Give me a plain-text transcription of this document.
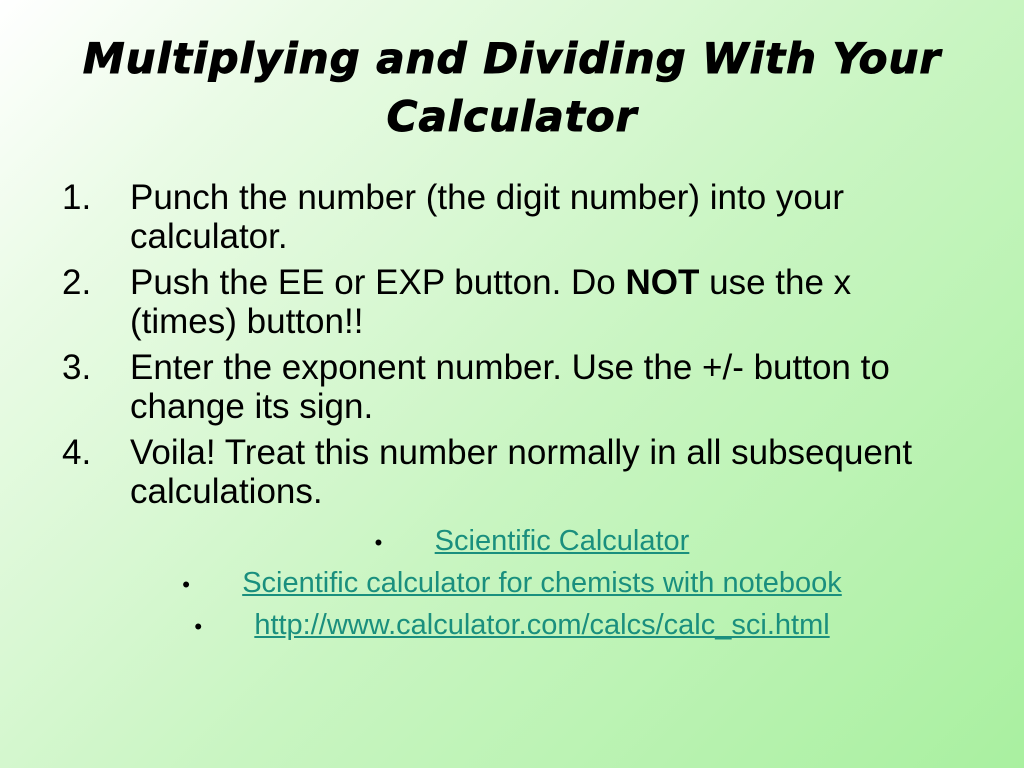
Multiplying and Dividing With Your Calculator
1. Punch the number (the digit number) into your calculator.
2. Push the EE or EXP button. Do NOT use the x (times) button!!
3. Enter the exponent number. Use the +/- button to change its sign.
4. Voila! Treat this number normally in all subsequent calculations.
•	Scientific Calculator
•	Scientific calculator for chemists with notebook
•	http://www.calculator.com/calcs/calc_sci.html
